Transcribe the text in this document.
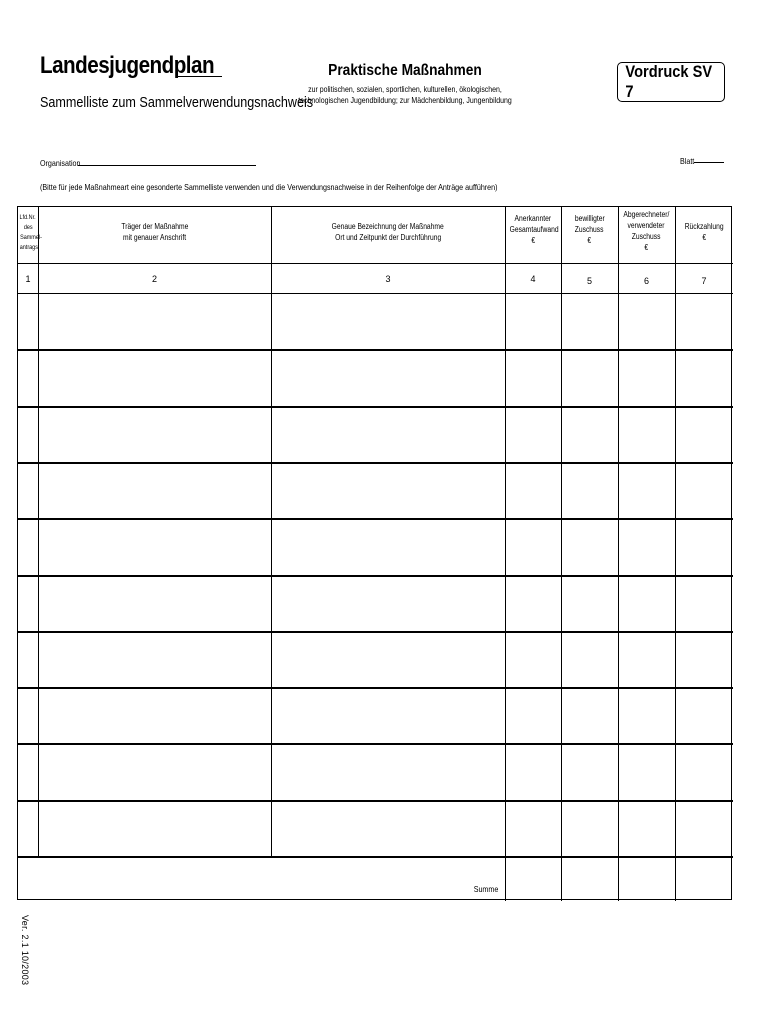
Landesjugendplan
Sammelliste zum Sammelverwendungsnachweis
Praktische Maßnahmen
zur politischen, sozialen, sportlichen, kulturellen, ökologischen,
technologischen Jugendbildung; zur Mädchenbildung, Jungenbildung
Vordruck SV 7
Organisation	Blatt
(Bitte für jede Maßnahmeart eine gesonderte Sammelliste verwenden und die Verwendungsnachweise in der Reihenfolge der Anträge aufführen)
Lfd.Nr.
des
Sammel-
antrags

Träger der Maßnahme
mit genauer Anschrift

Genaue Bezeichnung der Maßnahme
Ort und Zeitpunkt der Durchführung

Anerkannter
Gesamtaufwand
€

bewilligter
Zuschuss
€

Abgerechneter/
verwendeter
Zuschuss
€

Rückzahlung
€

1	2	3	4	5	6	7
Summe
Ver. 2.1 10/2003
